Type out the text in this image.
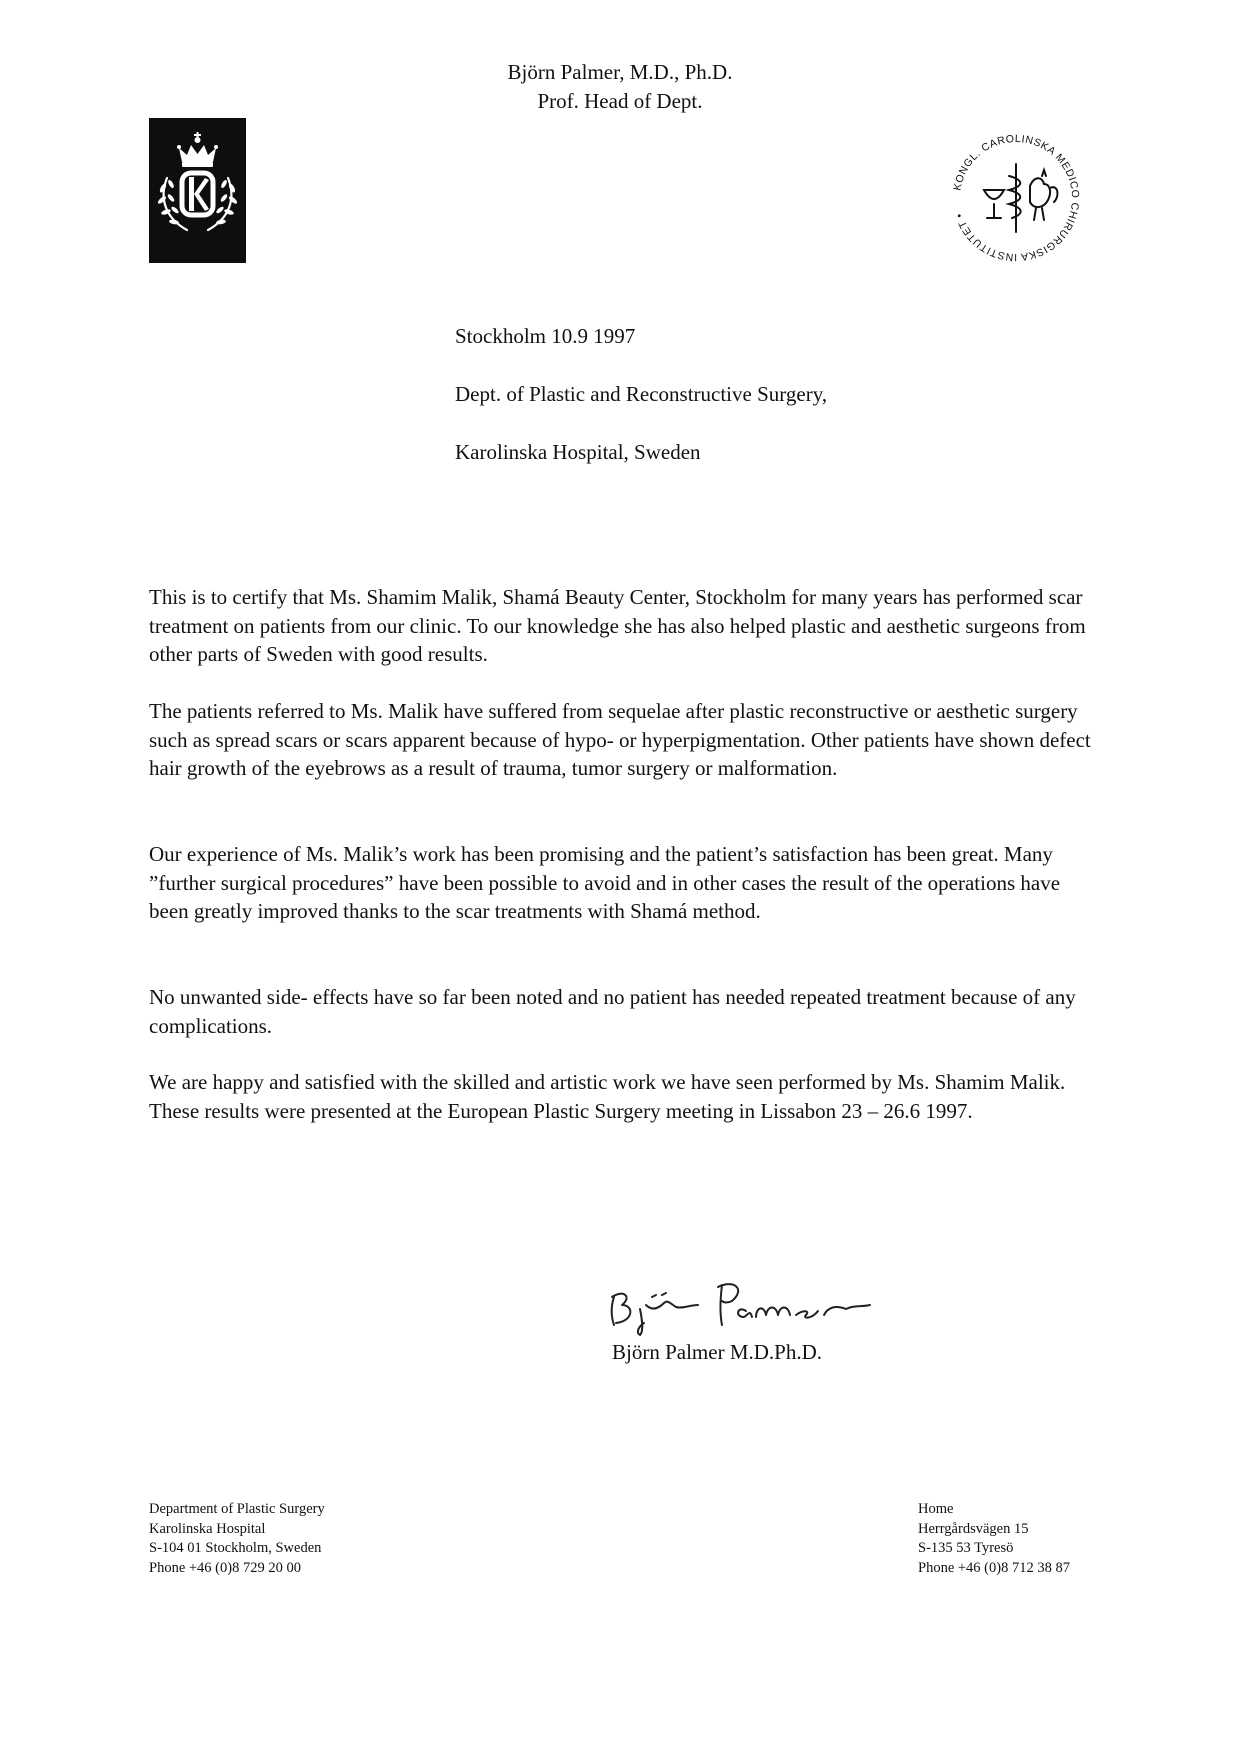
Björn Palmer, M.D., Ph.D.
Prof. Head of Dept.
KONGL. CAROLINSKA MEDICO CHIRURGISKA INSTITUTET •
Stockholm 10.9 1997
Dept. of Plastic and Reconstructive Surgery,
Karolinska Hospital, Sweden

This is to certify that Ms. Shamim Malik, Shamá Beauty Center, Stockholm for many years has performed scar treatment on patients from our clinic. To our knowledge she has also helped plastic and aesthetic surgeons from other parts of Sweden with good results.

The patients referred to Ms. Malik have suffered from sequelae after plastic reconstructive or aesthetic surgery such as spread scars or scars apparent because of hypo- or hyperpigmentation. Other patients have shown defect hair growth of the eyebrows as a result of trauma, tumor surgery or malformation.

Our experience of Ms. Malik’s work has been promising and the patient’s satisfaction has been great. Many ”further surgical procedures” have been possible to avoid and in other cases the result of the operations have been greatly improved thanks to the scar treatments with Shamá method.

No unwanted side- effects have so far been noted and no patient has needed repeated treatment because of any complications.

We are happy and satisfied with the skilled and artistic work we have seen performed by Ms. Shamim Malik. These results were presented at the European Plastic Surgery meeting in Lissabon 23 – 26.6 1997.

Björn Palmer M.D.Ph.D.
Department of Plastic Surgery
Karolinska Hospital
S-104 01 Stockholm, Sweden
Phone +46 (0)8 729 20 00
Home
Herrgårdsvägen 15
S-135 53 Tyresö
Phone +46 (0)8 712 38 87
